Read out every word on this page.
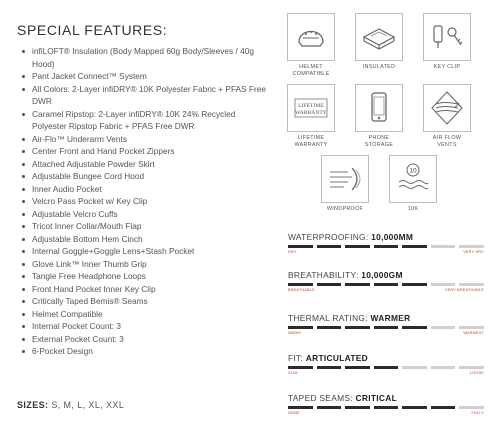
SPECIAL FEATURES:
infiLOFT® Insulation (Body Mapped 60g Body/Sleeves / 40g Hood)
Pant Jacket Connect™ System
All Colors: 2-Layer infiDRY® 10K Polyester Fabric + PFAS Free DWR
Caramel Ripstop: 2-Layer infiDRY® 10K 24% Recycled Polyester Ripstop Fabric + PFAS Free DWR
Air-Flo™ Underarm Vents
Center Front and Hand Pocket Zippers
Attached Adjustable Powder Skirt
Adjustable Bungee Cord Hood
Inner Audio Pocket
Velcro Pass Pocket w/ Key Clip
Adjustable Velcro Cuffs
Tricot Inner Collar/Mouth Flap
Adjustable Bottom Hem Cinch
Internal Goggle+Goggle Lens+Stash Pocket
Glove Link™ Inner Thumb Grip
Tangle Free Headphone Loops
Front Hand Pocket Inner Key Clip
Critically Taped Bemis® Seams
Helmet Compatible
Internal Pocket Count: 3
External Pocket Count: 3
6-Pocket Design
SIZES: S, M, L, XL, XXL
HELMET COMPATIBLE
INSULATED	KEY CLIP
LIFETIME
WARRANTY
LIFETIME WARRANTY
PHONE STORAGE
AIR FLOW VENTS
WINDPROOF
10
10K
WATERPROOFING: 10,000MM
DRY	VERY DRY
BREATHABILITY: 10,000GM
BREATHABLE	VERY BREATHABLE
THERMAL RATING: WARMER
WARM	WARMEST
FIT: ARTICULATED
SLIM	LOOSE
TAPED SEAMS: CRITICAL
NONE	FULLY
